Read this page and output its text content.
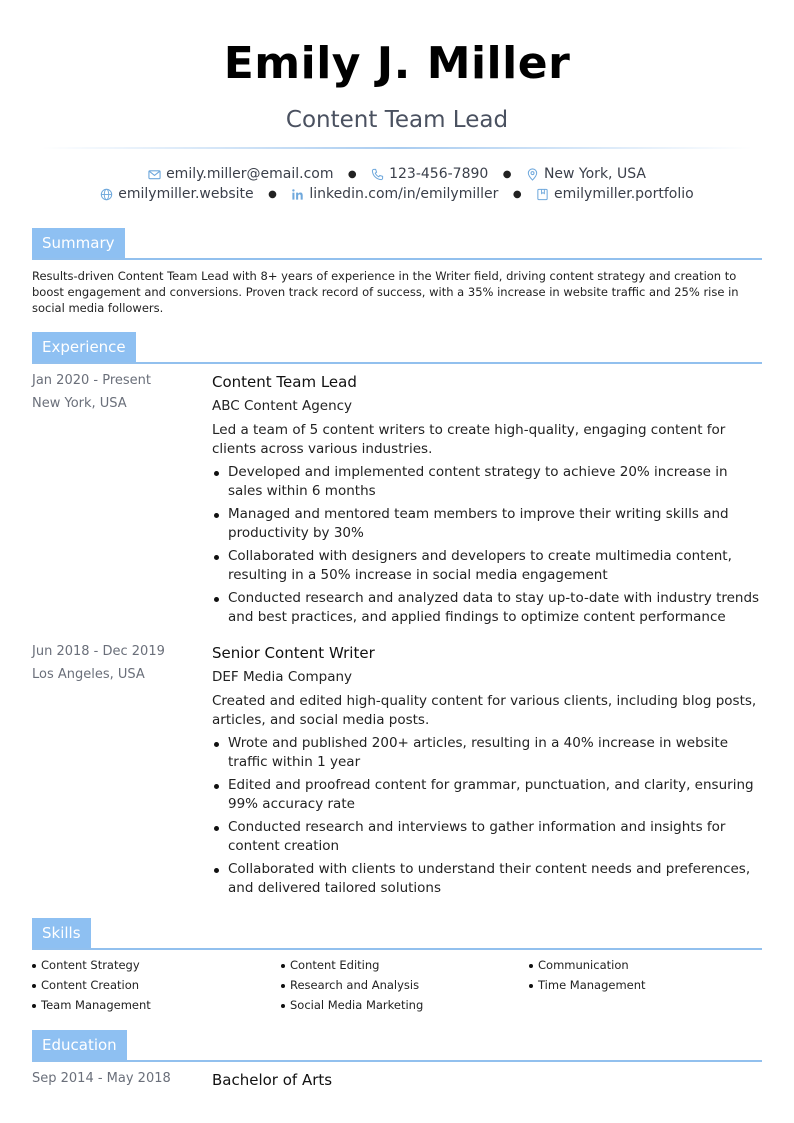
Emily J. Miller
Content Team Lead
emily.miller@email.com ● 123-456-7890 ● New York, USA
emilymiller.website ● linkedin.com/in/emilymiller ● emilymiller.portfolio
Summary
Results-driven Content Team Lead with 8+ years of experience in the Writer field, driving content strategy and creation to boost engagement and conversions. Proven track record of success, with a 35% increase in website traffic and 25% rise in social media followers.
Experience
Jan 2020 - Present
New York, USA
Content Team Lead
ABC Content Agency
Led a team of 5 content writers to create high-quality, engaging content for clients across various industries.
Developed and implemented content strategy to achieve 20% increase in sales within 6 months
Managed and mentored team members to improve their writing skills and productivity by 30%
Collaborated with designers and developers to create multimedia content, resulting in a 50% increase in social media engagement
Conducted research and analyzed data to stay up-to-date with industry trends and best practices, and applied findings to optimize content performance
Jun 2018 - Dec 2019
Los Angeles, USA
Senior Content Writer
DEF Media Company
Created and edited high-quality content for various clients, including blog posts, articles, and social media posts.
Wrote and published 200+ articles, resulting in a 40% increase in website traffic within 1 year
Edited and proofread content for grammar, punctuation, and clarity, ensuring 99% accuracy rate
Conducted research and interviews to gather information and insights for content creation
Collaborated with clients to understand their content needs and preferences, and delivered tailored solutions
Skills
Content Strategy	Content Editing	Communication
Content Creation	Research and Analysis	Time Management
Team Management	Social Media Marketing
Education
Sep 2014 - May 2018	Bachelor of Arts
